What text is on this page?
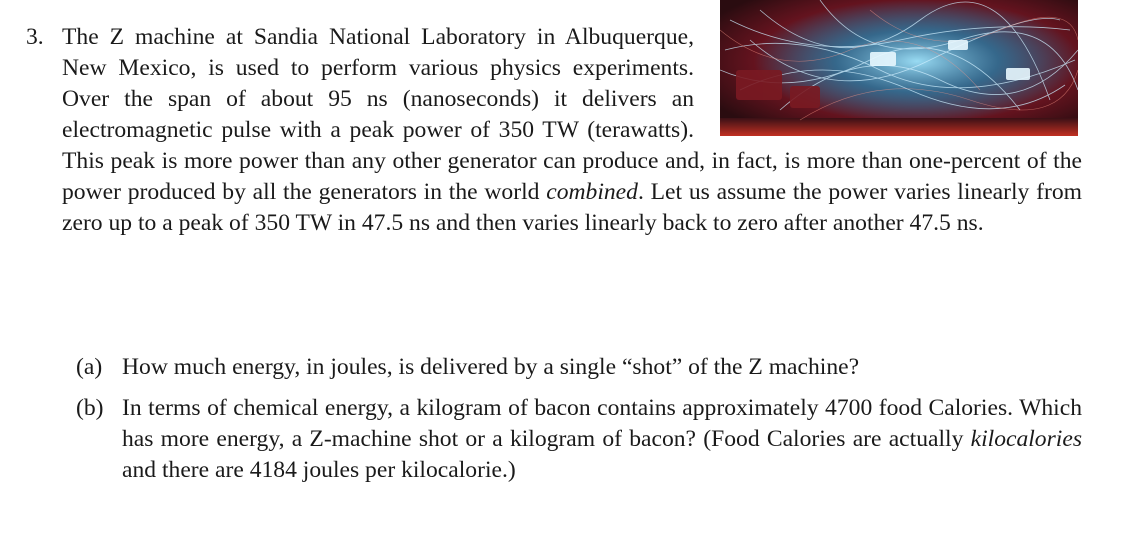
3. The Z machine at Sandia National Laboratory in Albuquerque, New Mexico, is used to perform various physics experiments. Over the span of about 95 ns (nanoseconds) it delivers an electromagnetic pulse with a peak power of 350 TW (terawatts). This peak is more power than any other generator can produce and, in fact, is more than one-percent of the power produced by all the generators in the world combined. Let us assume the power varies linearly from zero up to a peak of 350 TW in 47.5 ns and then varies linearly back to zero after another 47.5 ns.

(a) How much energy, in joules, is delivered by a single “shot” of the Z machine?
(b) In terms of chemical energy, a kilogram of bacon contains approximately 4700 food Calories. Which has more energy, a Z-machine shot or a kilogram of bacon? (Food Calories are actually kilocalories and there are 4184 joules per kilocalorie.)
